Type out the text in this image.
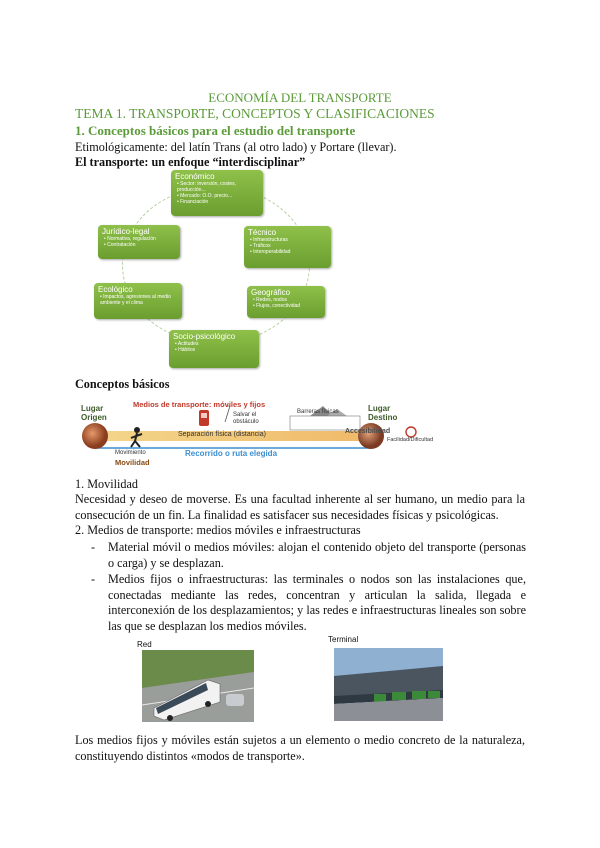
ECONOMÍA DEL TRANSPORTE
TEMA 1. TRANSPORTE, CONCEPTOS Y CLASIFICACIONES
1. Conceptos básicos para el estudio del transporte
Etimológicamente: del latín Trans (al otro lado) y Portare (llevar).
El transporte: un enfoque “interdisciplinar”
Económico
• Sector: inversión, costes, producción...
• Mercado: O.O. precio...
• Financiación
Técnico
• Infraestructuras
• Tráficos
• Interoperabilidad
Geográfico
• Redes, nodos
• Flujos, conectividad
Socio-psicológico
• Actitudes
• Hábitos
Ecológico
• Impactos, agresiones al medio ambiente y el clima
Jurídico-legal
• Normativa, regulación
• Contratación
Conceptos básicos
Lugar
Origen
Lugar
Destino
Medios de transporte: móviles y fijos
Salvar el
obstáculo
Barreras físicas
Separación física (distancia)	Accesibilidad
Facilidad/Dificultad
Movimiento
Movilidad
Recorrido o ruta elegida
1. Movilidad
Necesidad y deseo de moverse. Es una facultad inherente al ser humano, un medio para la consecución de un fin. La finalidad es satisfacer sus necesidades físicas y psicológicas.
2. Medios de transporte: medios móviles e infraestructuras
- Material móvil o medios móviles: alojan el contenido objeto del transporte (personas o carga) y se desplazan.
- Medios fijos o infraestructuras: las terminales o nodos son las instalaciones que, conectadas mediante las redes, concentran y articulan la salida, llegada e interconexión de los desplazamientos; y las redes e infraestructuras lineales son sobre las que se desplazan los medios móviles.
Red
Terminal
Los medios fijos y móviles están sujetos a un elemento o medio concreto de la naturaleza, constituyendo distintos «modos de transporte».
